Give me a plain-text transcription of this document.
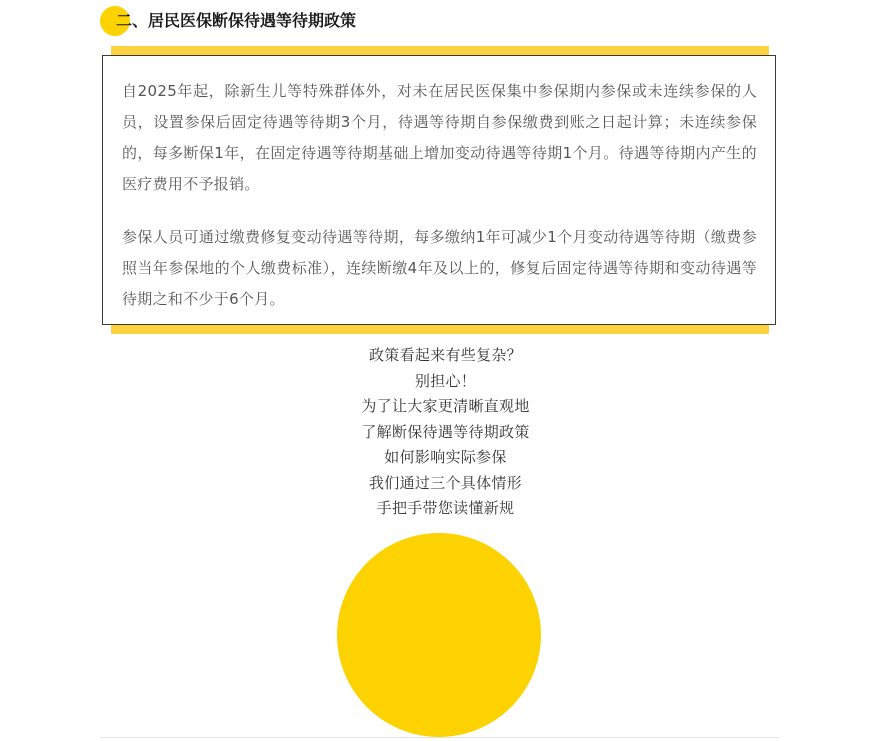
二、居民医保断保待遇等待期政策

自2025年起，除新生儿等特殊群体外，对未在居民医保集中参保期内参保或未连续参保的人员，设置参保后固定待遇等待期3个月，待遇等待期自参保缴费到账之日起计算；未连续参保的，每多断保1年，在固定待遇等待期基础上增加变动待遇等待期1个月。待遇等待期内产生的医疗费用不予报销。

参保人员可通过缴费修复变动待遇等待期，每多缴纳1年可减少1个月变动待遇等待期（缴费参照当年参保地的个人缴费标准），连续断缴4年及以上的，修复后固定待遇等待期和变动待遇等待期之和不少于6个月。

政策看起来有些复杂？
别担心！
为了让大家更清晰直观地
了解断保待遇等待期政策
如何影响实际参保
我们通过三个具体情形
手把手带您读懂新规
